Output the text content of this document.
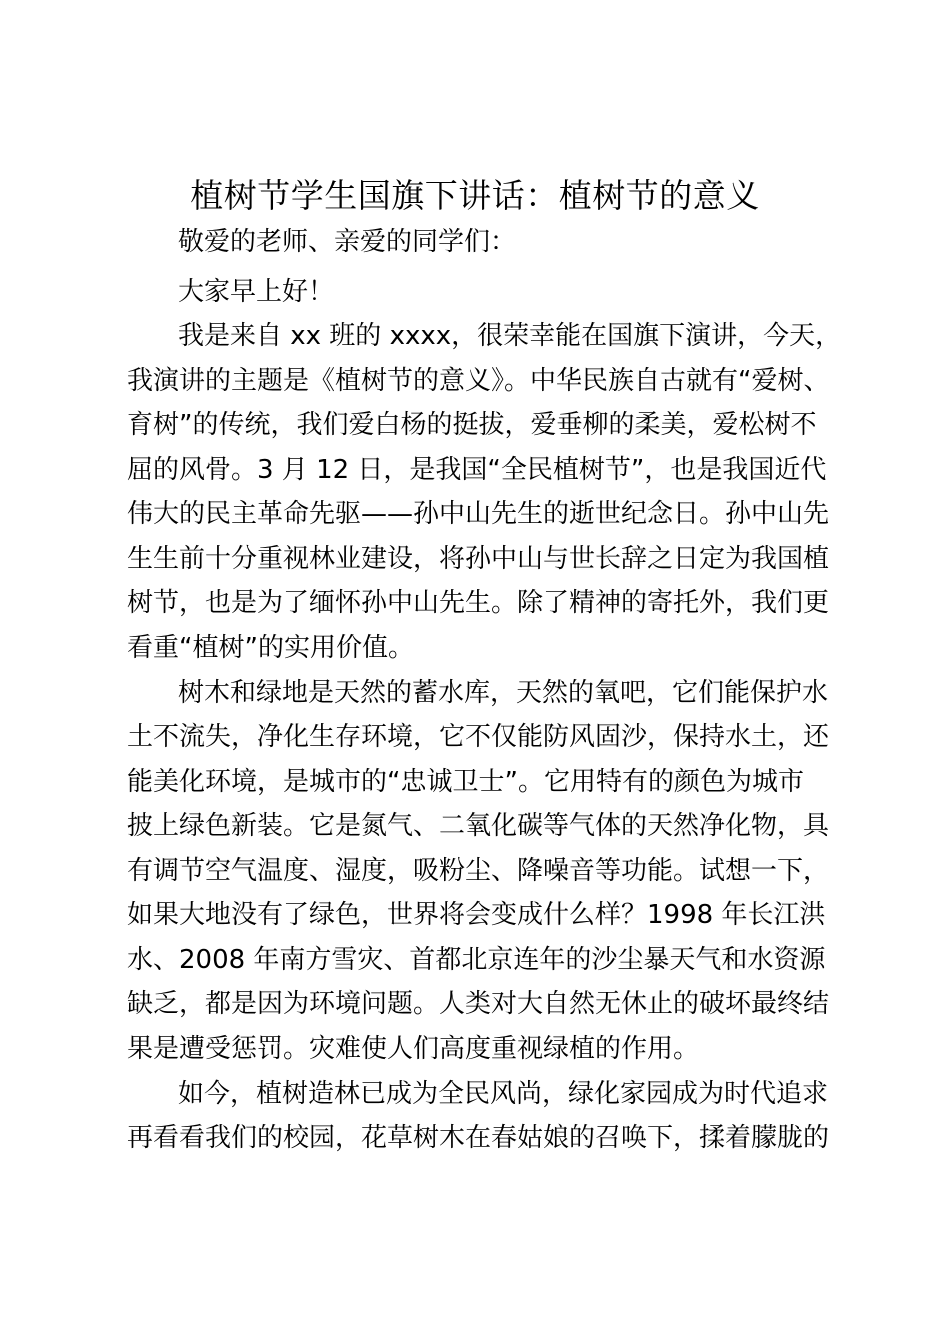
植树节学生国旗下讲话：植树节的意义

敬爱的老师、亲爱的同学们：

大家早上好！

我是来自 xx 班的 xxxx，很荣幸能在国旗下演讲，今天，

我演讲的主题是《植树节的意义》。中华民族自古就有“爱树、

育树”的传统，我们爱白杨的挺拔，爱垂柳的柔美，爱松树不

屈的风骨。3 月 12 日，是我国“全民植树节”，也是我国近代

伟大的民主革命先驱——孙中山先生的逝世纪念日。孙中山先

生生前十分重视林业建设，将孙中山与世长辞之日定为我国植

树节，也是为了缅怀孙中山先生。除了精神的寄托外，我们更

看重“植树”的实用价值。

树木和绿地是天然的蓄水库，天然的氧吧，它们能保护水

土不流失，净化生存环境，它不仅能防风固沙，保持水土，还

能美化环境，是城市的“忠诚卫士”。它用特有的颜色为城市

披上绿色新装。它是氮气、二氧化碳等气体的天然净化物，具

有调节空气温度、湿度，吸粉尘、降噪音等功能。试想一下，

如果大地没有了绿色，世界将会变成什么样？1998 年长江洪

水、2008 年南方雪灾、首都北京连年的沙尘暴天气和水资源

缺乏，都是因为环境问题。人类对大自然无休止的破坏最终结

果是遭受惩罚。灾难使人们高度重视绿植的作用。

如今，植树造林已成为全民风尚，绿化家园成为时代追求

再看看我们的校园，花草树木在春姑娘的召唤下，揉着朦胧的
